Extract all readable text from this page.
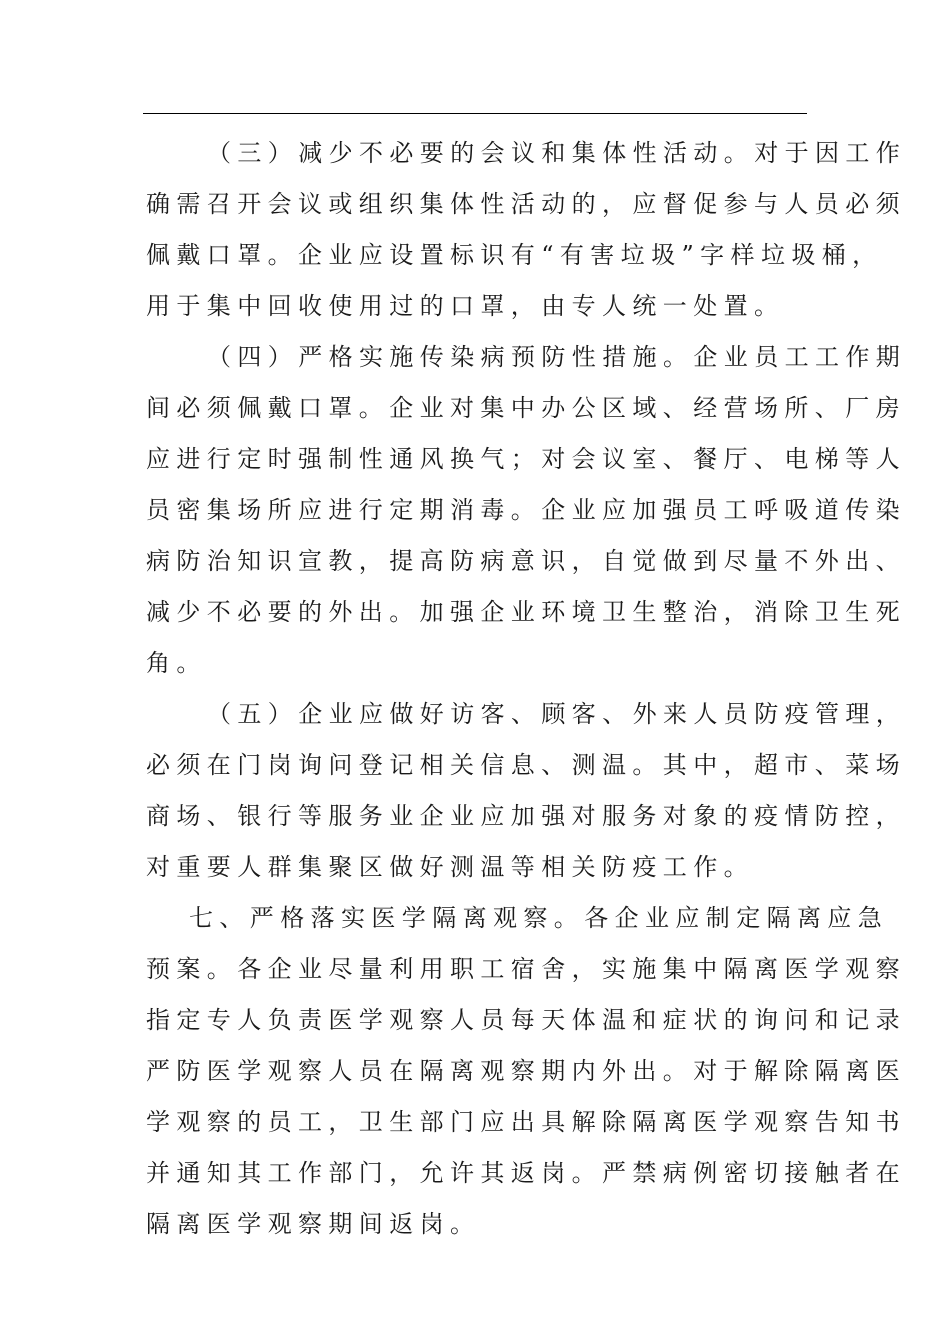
（三）减少不必要的会议和集体性活动。对于因工作
确需召开会议或组织集体性活动的，应督促参与人员必须
佩戴口罩。企业应设置标识有“有害垃圾”字样垃圾桶，
用于集中回收使用过的口罩，由专人统一处置。
（四）严格实施传染病预防性措施。企业员工工作期
间必须佩戴口罩。企业对集中办公区域、经营场所、厂房
应进行定时强制性通风换气；对会议室、餐厅、电梯等人
员密集场所应进行定期消毒。企业应加强员工呼吸道传染
病防治知识宣教，提高防病意识，自觉做到尽量不外出、
减少不必要的外出。加强企业环境卫生整治，消除卫生死
角。
（五）企业应做好访客、顾客、外来人员防疫管理，
必须在门岗询问登记相关信息、测温。其中，超市、菜场
商场、银行等服务业企业应加强对服务对象的疫情防控，
对重要人群集聚区做好测温等相关防疫工作。
七、严格落实医学隔离观察。各企业应制定隔离应急
预案。各企业尽量利用职工宿舍，实施集中隔离医学观察
指定专人负责医学观察人员每天体温和症状的询问和记录
严防医学观察人员在隔离观察期内外出。对于解除隔离医
学观察的员工，卫生部门应出具解除隔离医学观察告知书
并通知其工作部门，允许其返岗。严禁病例密切接触者在
隔离医学观察期间返岗。
